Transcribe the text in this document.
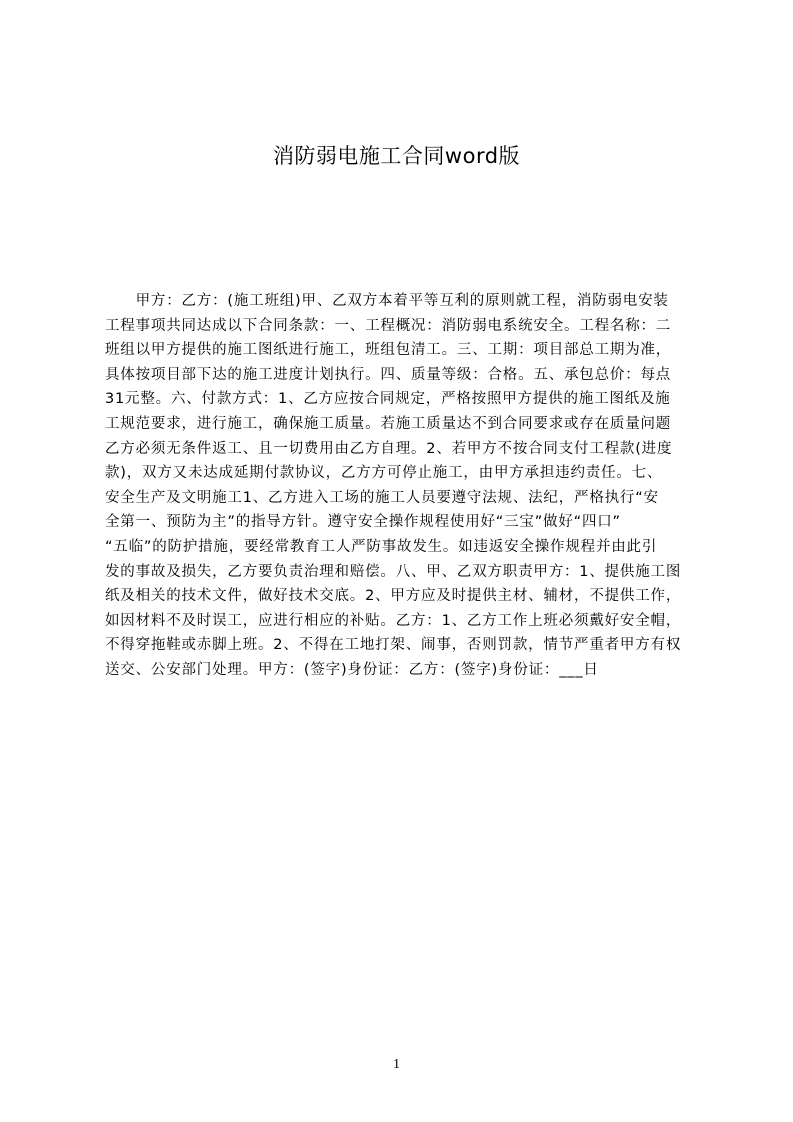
消防弱电施工合同word版
　　甲方：乙方：(施工班组)甲、乙双方本着平等互利的原则就工程，消防弱电安装
工程事项共同达成以下合同条款：一、工程概况：消防弱电系统安全。工程名称：二
班组以甲方提供的施工图纸进行施工，班组包清工。三、工期：项目部总工期为准，
具体按项目部下达的施工进度计划执行。四、质量等级：合格。五、承包总价：每点
31元整。六、付款方式：1、乙方应按合同规定，严格按照甲方提供的施工图纸及施
工规范要求，进行施工，确保施工质量。若施工质量达不到合同要求或存在质量问题
乙方必须无条件返工、且一切费用由乙方自理。2、若甲方不按合同支付工程款(进度
款)，双方又未达成延期付款协议，乙方方可停止施工，由甲方承担违约责任。七、
安全生产及文明施工1、乙方进入工场的施工人员要遵守法规、法纪，严格执行“安
全第一、预防为主”的指导方针。遵守安全操作规程使用好“三宝”做好“四口”
“五临”的防护措施，要经常教育工人严防事故发生。如违返安全操作规程并由此引
发的事故及损失，乙方要负责治理和赔偿。八、甲、乙双方职责甲方：1、提供施工图
纸及相关的技术文件，做好技术交底。2、甲方应及时提供主材、辅材，不提供工作，
如因材料不及时误工，应进行相应的补贴。乙方：1、乙方工作上班必须戴好安全帽，
不得穿拖鞋或赤脚上班。2、不得在工地打架、闹事，否则罚款，情节严重者甲方有权
送交、公安部门处理。甲方：(签字)身份证：乙方：(签字)身份证：___日
1
